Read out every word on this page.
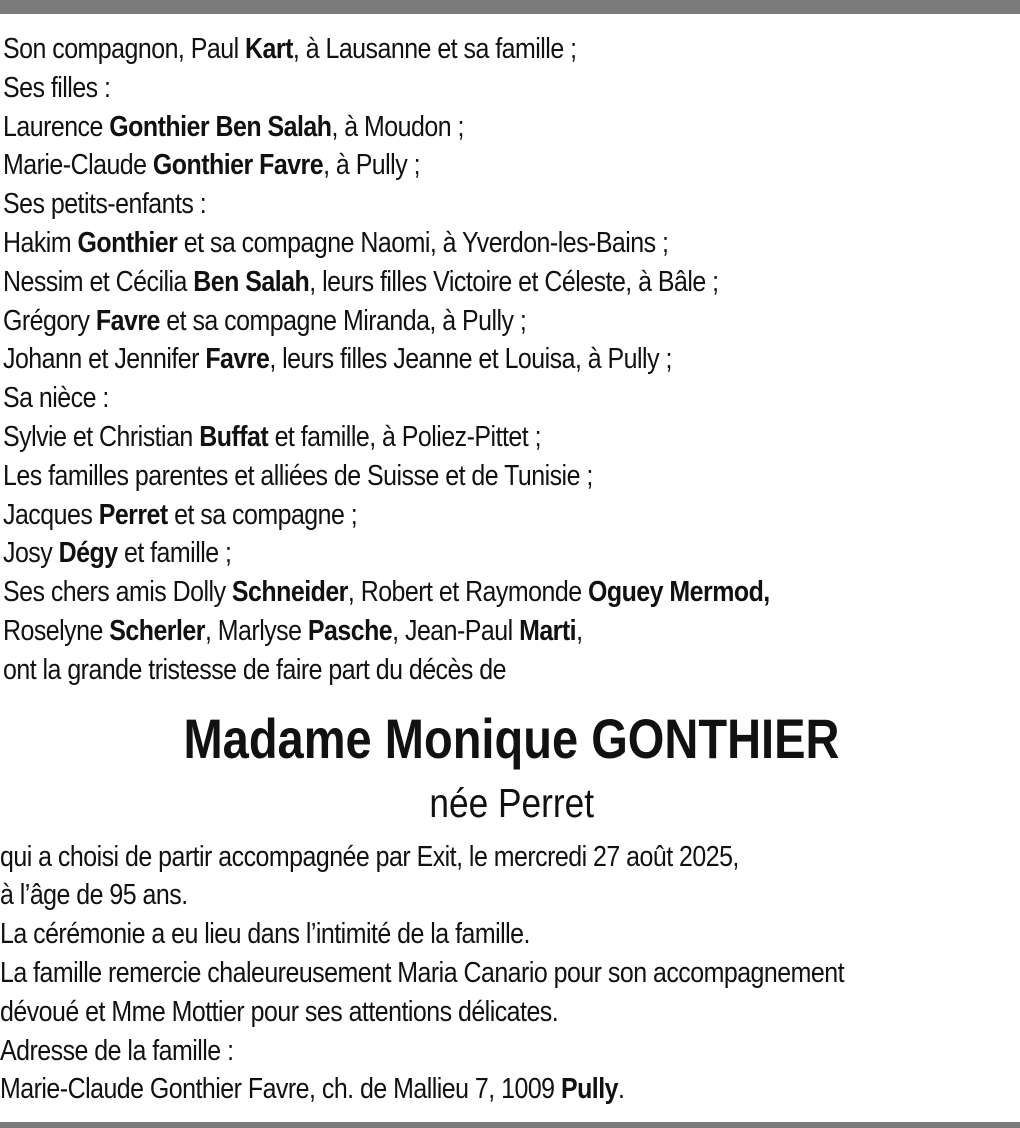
Son compagnon, Paul Kart, à Lausanne et sa famille ;
Ses filles :
Laurence Gonthier Ben Salah, à Moudon ;
Marie-Claude Gonthier Favre, à Pully ;
Ses petits-enfants :
Hakim Gonthier et sa compagne Naomi, à Yverdon-les-Bains ;
Nessim et Cécilia Ben Salah, leurs filles Victoire et Céleste, à Bâle ;
Grégory Favre et sa compagne Miranda, à Pully ;
Johann et Jennifer Favre, leurs filles Jeanne et Louisa, à Pully ;
Sa nièce :
Sylvie et Christian Buffat et famille, à Poliez-Pittet ;
Les familles parentes et alliées de Suisse et de Tunisie ;
Jacques Perret et sa compagne ;
Josy Dégy et famille ;
Ses chers amis Dolly Schneider, Robert et Raymonde Oguey Mermod,
Roselyne Scherler, Marlyse Pasche, Jean-Paul Marti,
ont la grande tristesse de faire part du décès de
Madame Monique GONTHIER
née Perret
qui a choisi de partir accompagnée par Exit, le mercredi 27 août 2025,
à l’âge de 95 ans.
La cérémonie a eu lieu dans l’intimité de la famille.
La famille remercie chaleureusement Maria Canario pour son accompagnement
dévoué et Mme Mottier pour ses attentions délicates.
Adresse de la famille :
Marie-Claude Gonthier Favre, ch. de Mallieu 7, 1009 Pully.
